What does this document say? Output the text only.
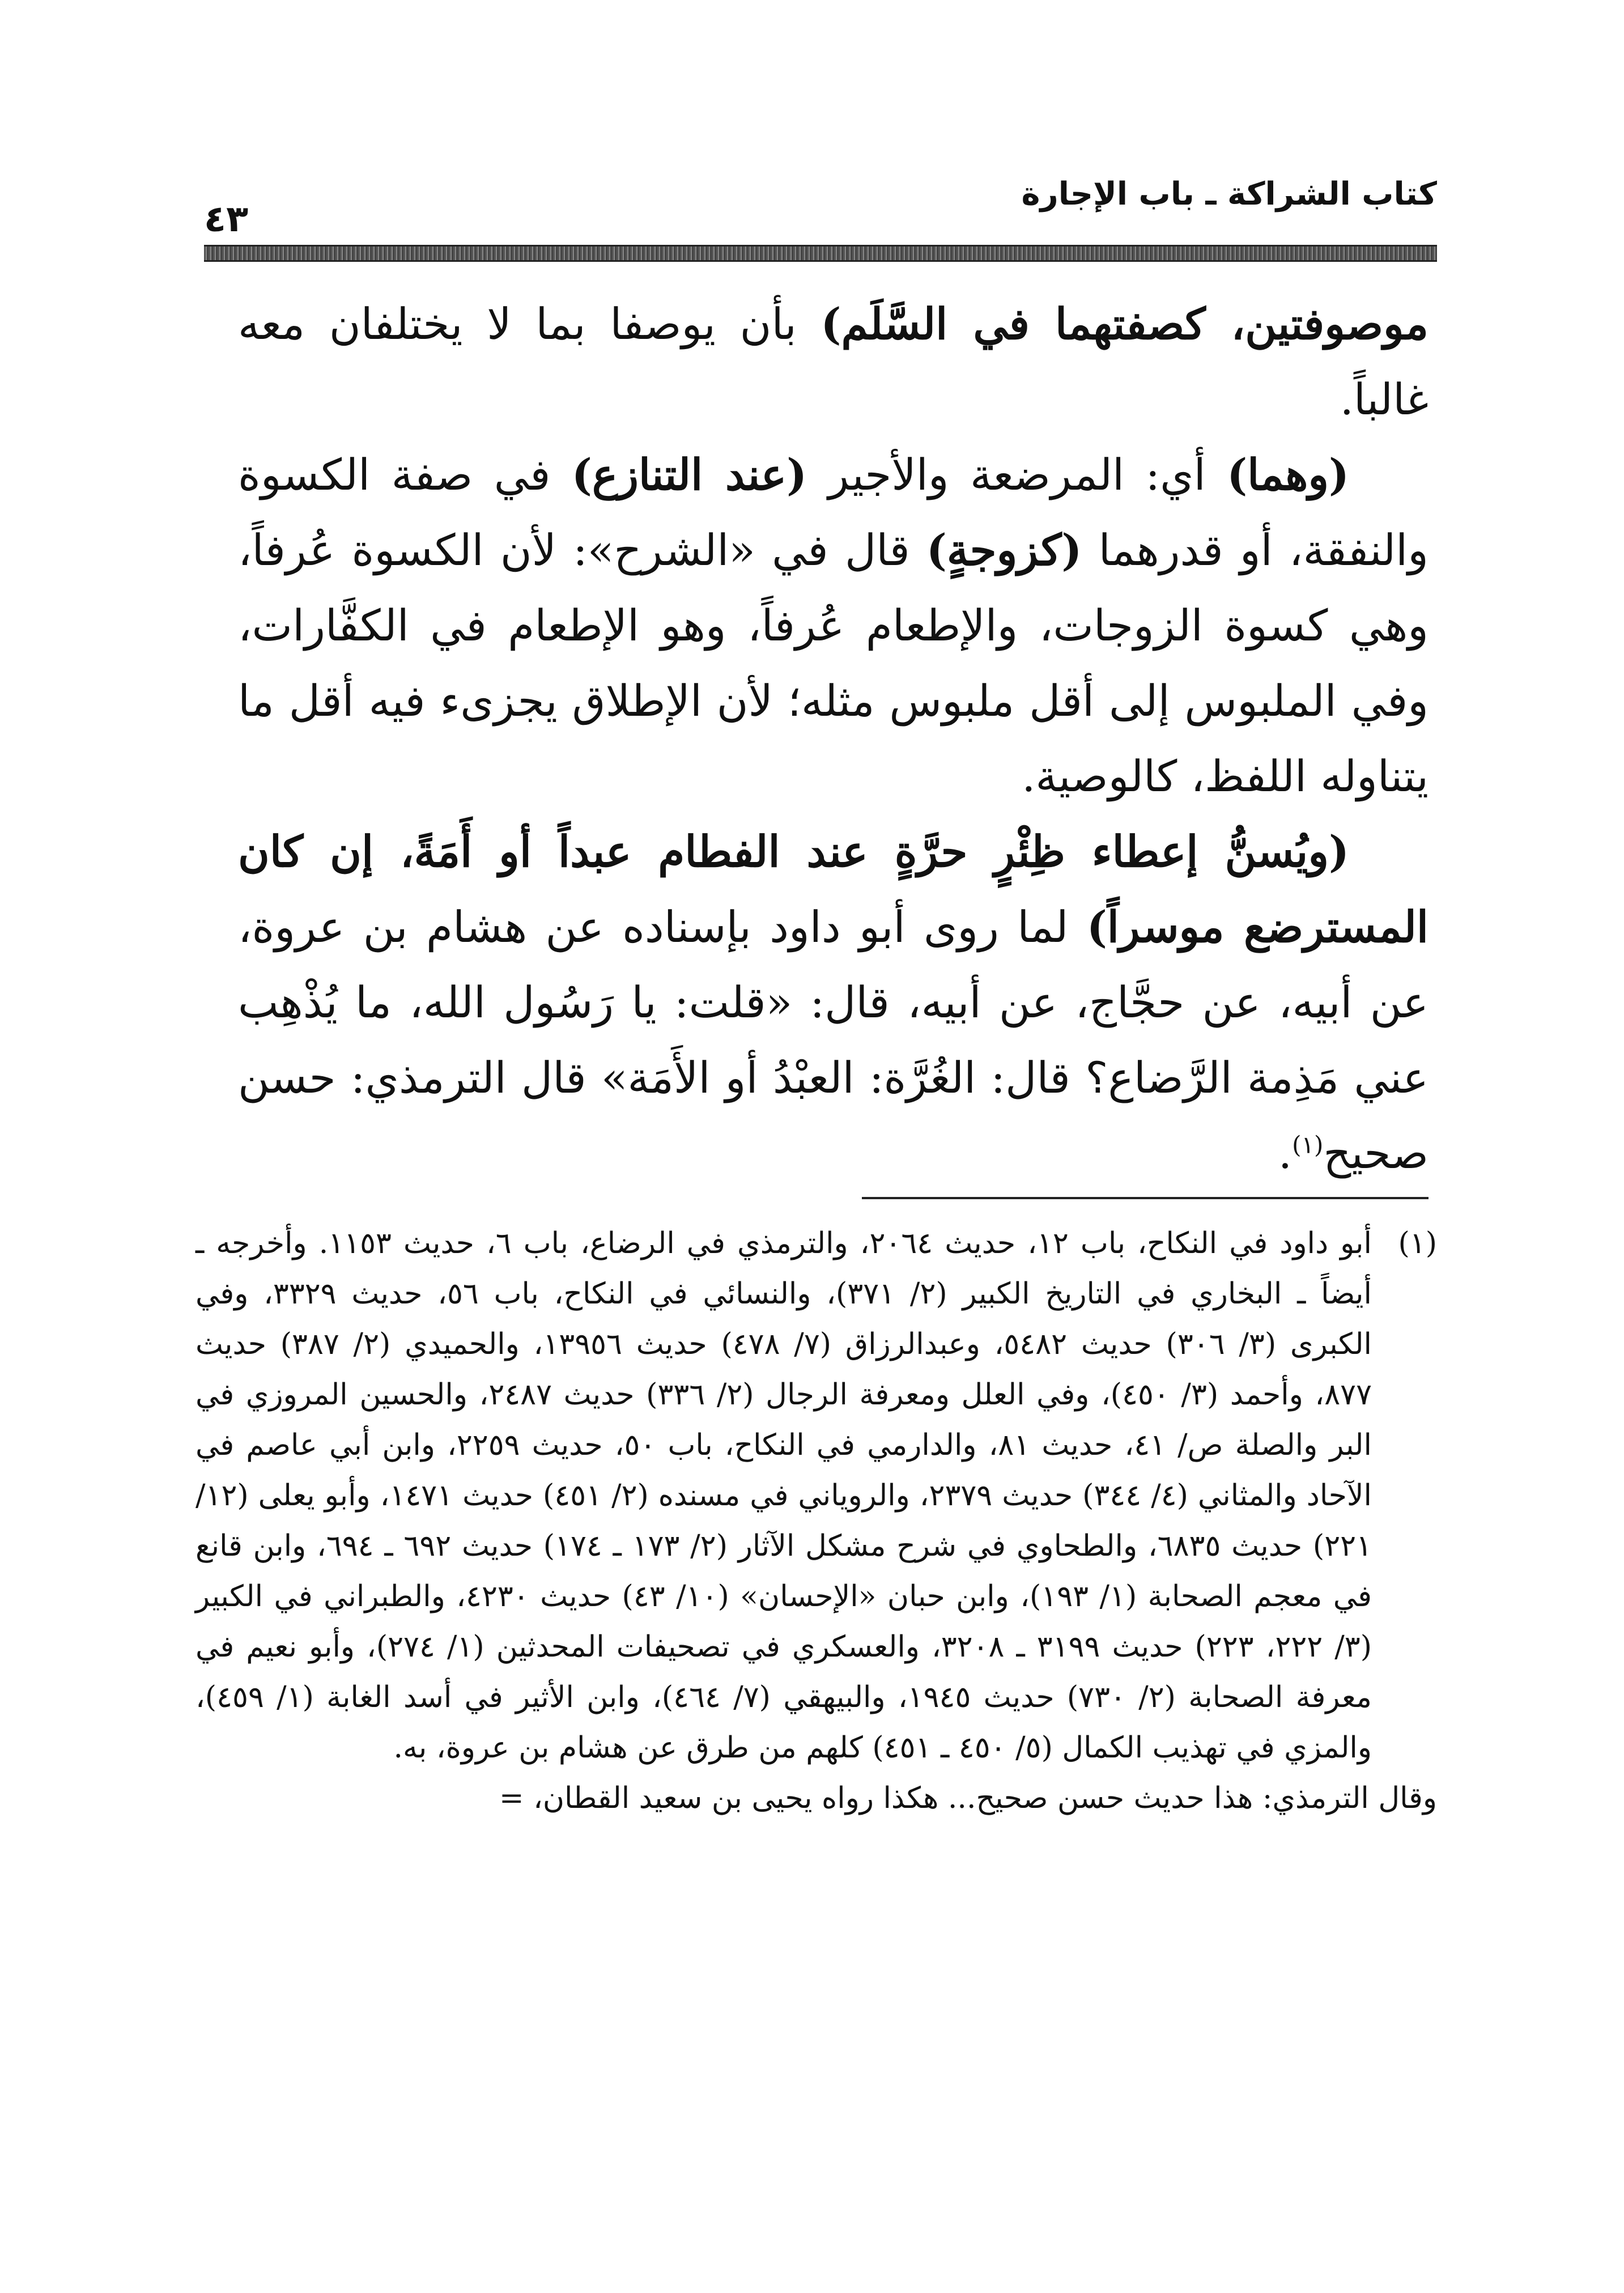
كتاب الشراكة ـ باب الإجارة
٤٣

موصوفتين، كصفتهما في السَّلَم) بأن يوصفا بما لا يختلفان معه غالباً.

(وهما) أي: المرضعة والأجير (عند التنازع) في صفة الكسوة والنفقة، أو قدرهما (كزوجةٍ) قال في «الشرح»: لأن الكسوة عُرفاً، وهي كسوة الزوجات، والإطعام عُرفاً، وهو الإطعام في الكفَّارات، وفي الملبوس إلى أقل ملبوس مثله؛ لأن الإطلاق يجزىء فيه أقل ما يتناوله اللفظ، كالوصية.

(ويُسنُّ إعطاء ظِئْرٍ حرَّةٍ عند الفطام عبداً أو أَمَةً، إن كان المسترضع موسراً) لما روى أبو داود بإسناده عن هشام بن عروة، عن أبيه، عن حجَّاج، عن أبيه، قال: «قلت: يا رَسُول الله، ما يُذْهِب عني مَذِمة الرَّضاع؟ قال: الغُرَّة: العبْدُ أو الأَمَة» قال الترمذي: حسن صحيح$^{(١)}$.

(١)
أبو داود في النكاح، باب ١٢، حديث ٢٠٦٤، والترمذي في الرضاع، باب ٦، حديث ١١٥٣. وأخرجه ـ أيضاً ـ البخاري في التاريخ الكبير (٢/ ٣٧١)، والنسائي في النكاح، باب ٥٦، حديث ٣٣٢٩، وفي الكبرى (٣/ ٣٠٦) حديث ٥٤٨٢، وعبدالرزاق (٧/ ٤٧٨) حديث ١٣٩٥٦، والحميدي (٢/ ٣٨٧) حديث ٨٧٧، وأحمد (٣/ ٤٥٠)، وفي العلل ومعرفة الرجال (٢/ ٣٣٦) حديث ٢٤٨٧، والحسين المروزي في البر والصلة ص/ ٤١، حديث ٨١، والدارمي في النكاح، باب ٥٠، حديث ٢٢٥٩، وابن أبي عاصم في الآحاد والمثاني (٤/ ٣٤٤) حديث ٢٣٧٩، والروياني في مسنده (٢/ ٤٥١) حديث ١٤٧١، وأبو يعلى (١٢/ ٢٢١) حديث ٦٨٣٥، والطحاوي في شرح مشكل الآثار (٢/ ١٧٣ ـ ١٧٤) حديث ٦٩٢ ـ ٦٩٤، وابن قانع في معجم الصحابة (١/ ١٩٣)، وابن حبان «الإحسان» (١٠/ ٤٣) حديث ٤٢٣٠، والطبراني في الكبير (٣/ ٢٢٢، ٢٢٣) حديث ٣١٩٩ ـ ٣٢٠٨، والعسكري في تصحيفات المحدثين (١/ ٢٧٤)، وأبو نعيم في معرفة الصحابة (٢/ ٧٣٠) حديث ١٩٤٥، والبيهقي (٧/ ٤٦٤)، وابن الأثير في أسد الغابة (١/ ٤٥٩)، والمزي في تهذيب الكمال (٥/ ٤٥٠ ـ ٤٥١) كلهم من طرق عن هشام بن عروة، به.

وقال الترمذي: هذا حديث حسن صحيح... هكذا رواه يحيى بن سعيد القطان، =
